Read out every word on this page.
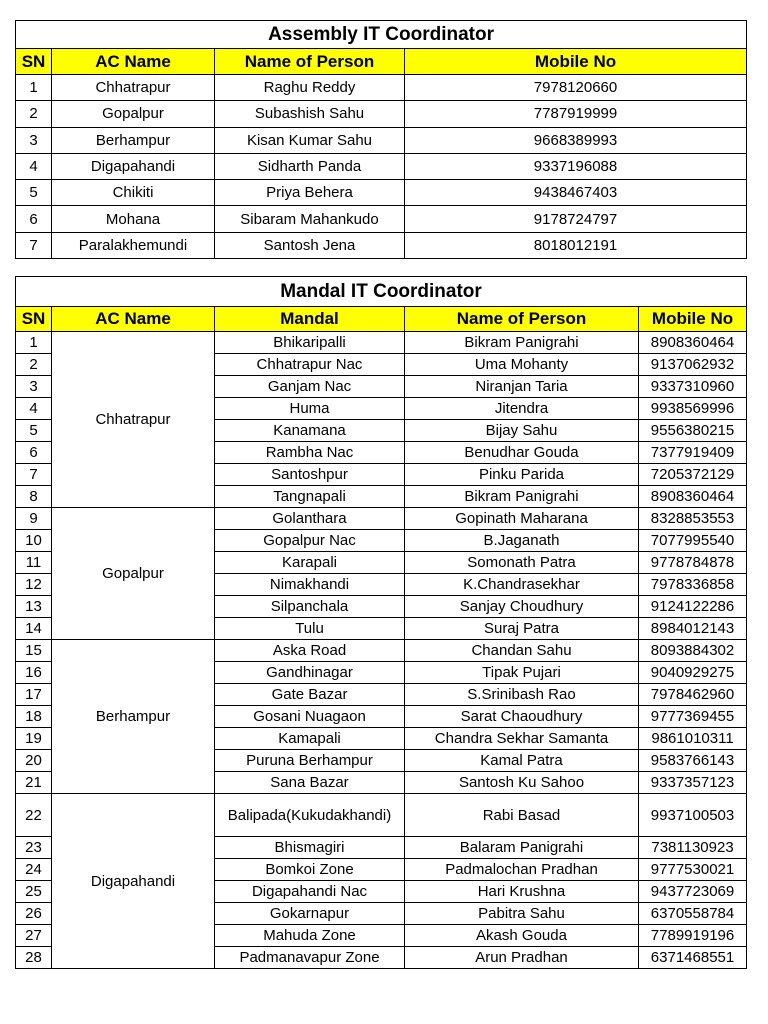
Assembly IT Coordinator			
SN	AC Name	Name of Person	Mobile No
1	Chhatrapur	Raghu Reddy	7978120660
2	Gopalpur	Subashish Sahu	7787919999
3	Berhampur	Kisan Kumar Sahu	9668389993
4	Digapahandi	Sidharth Panda	9337196088
5	Chikiti	Priya Behera	9438467403
6	Mohana	Sibaram Mahankudo	9178724797
7	Paralakhemundi	Santosh Jena	8018012191
Mandal IT Coordinator				
SN	AC Name	Mandal	Name of Person	Mobile No
1	Chhatrapur	Bhikaripalli	Bikram Panigrahi	8908360464
2		Chhatrapur Nac	Uma Mohanty	9137062932
3		Ganjam Nac	Niranjan Taria	9337310960
4		Huma	Jitendra	9938569996
5		Kanamana	Bijay Sahu	9556380215
6		Rambha Nac	Benudhar Gouda	7377919409
7		Santoshpur	Pinku Parida	7205372129
8		Tangnapali	Bikram Panigrahi	8908360464
9	Gopalpur	Golanthara	Gopinath Maharana	8328853553
10		Gopalpur Nac	B.Jaganath	7077995540
11		Karapali	Somonath Patra	9778784878
12		Nimakhandi	K.Chandrasekhar	7978336858
13		Silpanchala	Sanjay Choudhury	9124122286
14		Tulu	Suraj Patra	8984012143
15	Berhampur	Aska Road	Chandan Sahu	8093884302
16		Gandhinagar	Tipak Pujari	9040929275
17		Gate Bazar	S.Srinibash Rao	7978462960
18		Gosani Nuagaon	Sarat Chaoudhury	9777369455
19		Kamapali	Chandra Sekhar Samanta	9861010311
20		Puruna Berhampur	Kamal Patra	9583766143
21		Sana Bazar	Santosh Ku Sahoo	9337357123
22	Digapahandi	Balipada(Kukudakhandi)	Rabi Basad	9937100503
23		Bhismagiri	Balaram Panigrahi	7381130923
24		Bomkoi Zone	Padmalochan Pradhan	9777530021
25		Digapahandi Nac	Hari Krushna	9437723069
26		Gokarnapur	Pabitra Sahu	6370558784
27		Mahuda Zone	Akash Gouda	7789919196
28		Padmanavapur Zone	Arun Pradhan	6371468551
